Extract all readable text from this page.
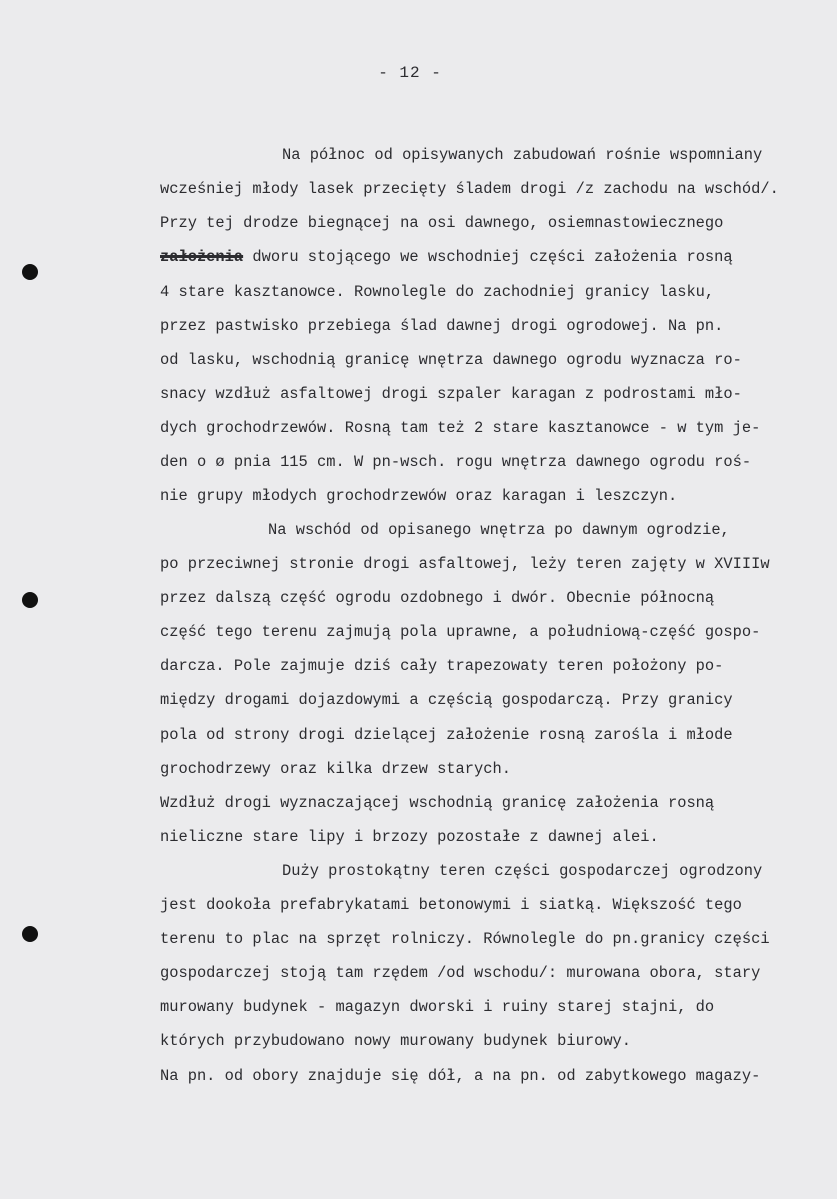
- 12 -
Na północ od opisywanych zabudowań rośnie wspomniany
wcześniej młody lasek przecięty śladem drogi /z zachodu na wschód/.
Przy tej drodze biegnącej na osi dawnego, osiemnastowiecznego
założenia dworu stojącego we wschodniej części założenia rosną
4 stare kasztanowce. Rownolegle do zachodniej granicy lasku,
przez pastwisko przebiega ślad dawnej drogi ogrodowej. Na pn.
od lasku, wschodnią granicę wnętrza dawnego ogrodu wyznacza ro-
snacy wzdłuż asfaltowej drogi szpaler karagan z podrostami mło-
dych grochodrzewów. Rosną tam też 2 stare kasztanowce - w tym je-
den o ø pnia 115 cm. W pn-wsch. rogu wnętrza dawnego ogrodu roś-
nie grupy młodych grochodrzewów oraz karagan i leszczyn.
Na wschód od opisanego wnętrza po dawnym ogrodzie,
po przeciwnej stronie drogi asfaltowej, leży teren zajęty w XVIIIw
przez dalszą część ogrodu ozdobnego i dwór. Obecnie północną
część tego terenu zajmują pola uprawne, a południową-część gospo-
darcza. Pole zajmuje dziś cały trapezowaty teren położony po-
między drogami dojazdowymi a częścią gospodarczą. Przy granicy
pola od strony drogi dzielącej założenie rosną zarośla i młode
grochodrzewy oraz kilka drzew starych.
Wzdłuż drogi wyznaczającej wschodnią granicę założenia rosną
nieliczne stare lipy i brzozy pozostałe z dawnej alei.
Duży prostokątny teren części gospodarczej ogrodzony
jest dookoła prefabrykatami betonowymi i siatką. Większość tego
terenu to plac na sprzęt rolniczy. Równolegle do pn.granicy części
gospodarczej stoją tam rzędem /od wschodu/: murowana obora, stary
murowany budynek - magazyn dworski i ruiny starej stajni, do
których przybudowano nowy murowany budynek biurowy.
Na pn. od obory znajduje się dół, a na pn. od zabytkowego magazy-
